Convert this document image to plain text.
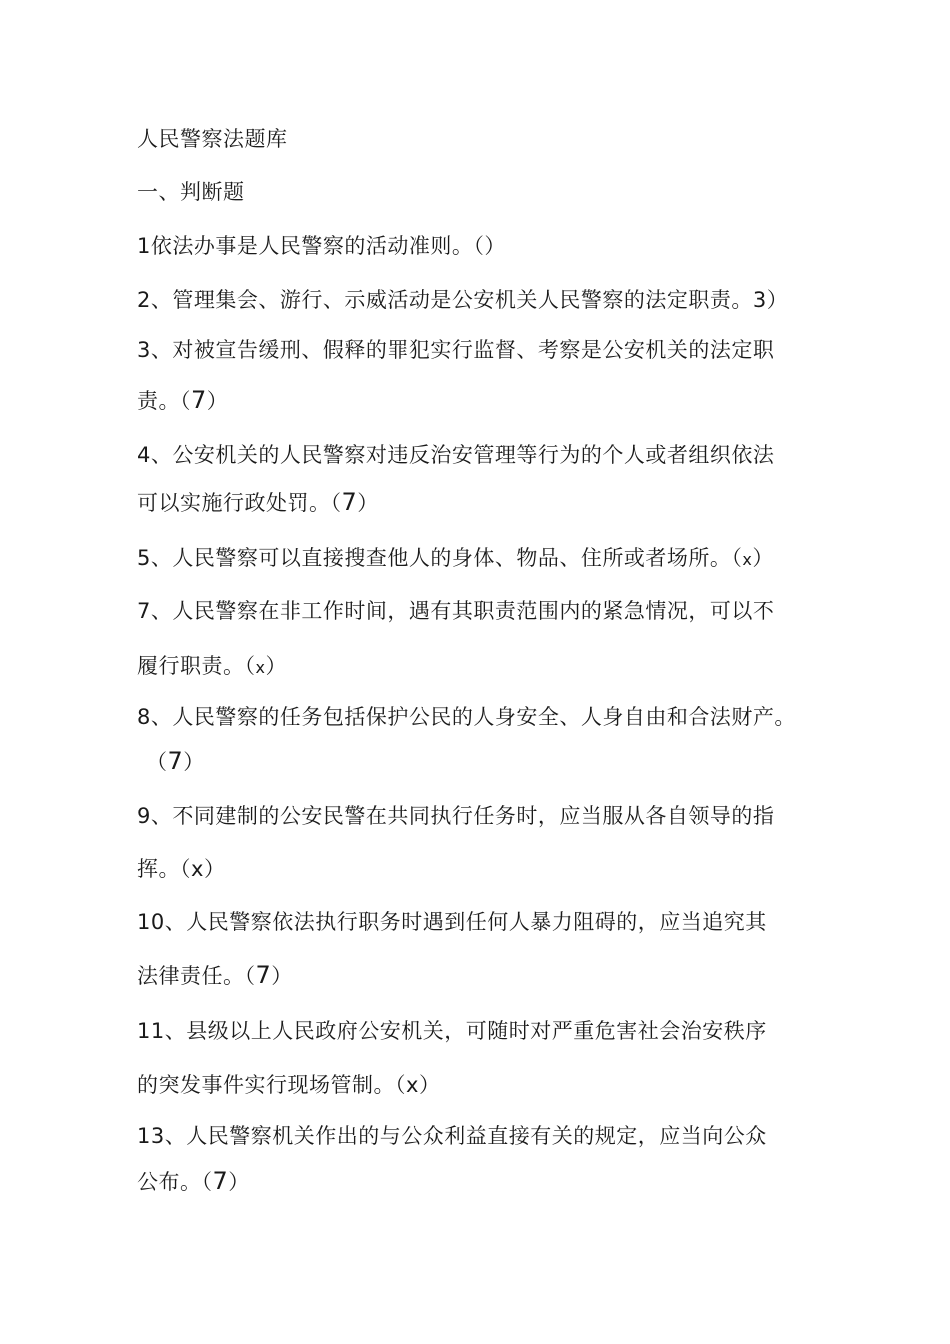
人民警察法题库
一、判断题
1依法办事是人民警察的活动准则。（）
2、管理集会、游行、示威活动是公安机关人民警察的法定职责。3）
3、对被宣告缓刑、假释的罪犯实行监督、考察是公安机关的法定职
责。（7）
4、公安机关的人民警察对违反治安管理等行为的个人或者组织依法
可以实施行政处罚。（7）
5、人民警察可以直接搜查他人的身体、物品、住所或者场所。（x）
7、人民警察在非工作时间，遇有其职责范围内的紧急情况，可以不
履行职责。（x）
8、人民警察的任务包括保护公民的人身安全、人身自由和合法财产。
（7）
9、不同建制的公安民警在共同执行任务时，应当服从各自领导的指
挥。（x）
10、人民警察依法执行职务时遇到任何人暴力阻碍的，应当追究其
法律责任。（7）
11、县级以上人民政府公安机关，可随时对严重危害社会治安秩序
的突发事件实行现场管制。（x）
13、人民警察机关作出的与公众利益直接有关的规定，应当向公众
公布。（7）
